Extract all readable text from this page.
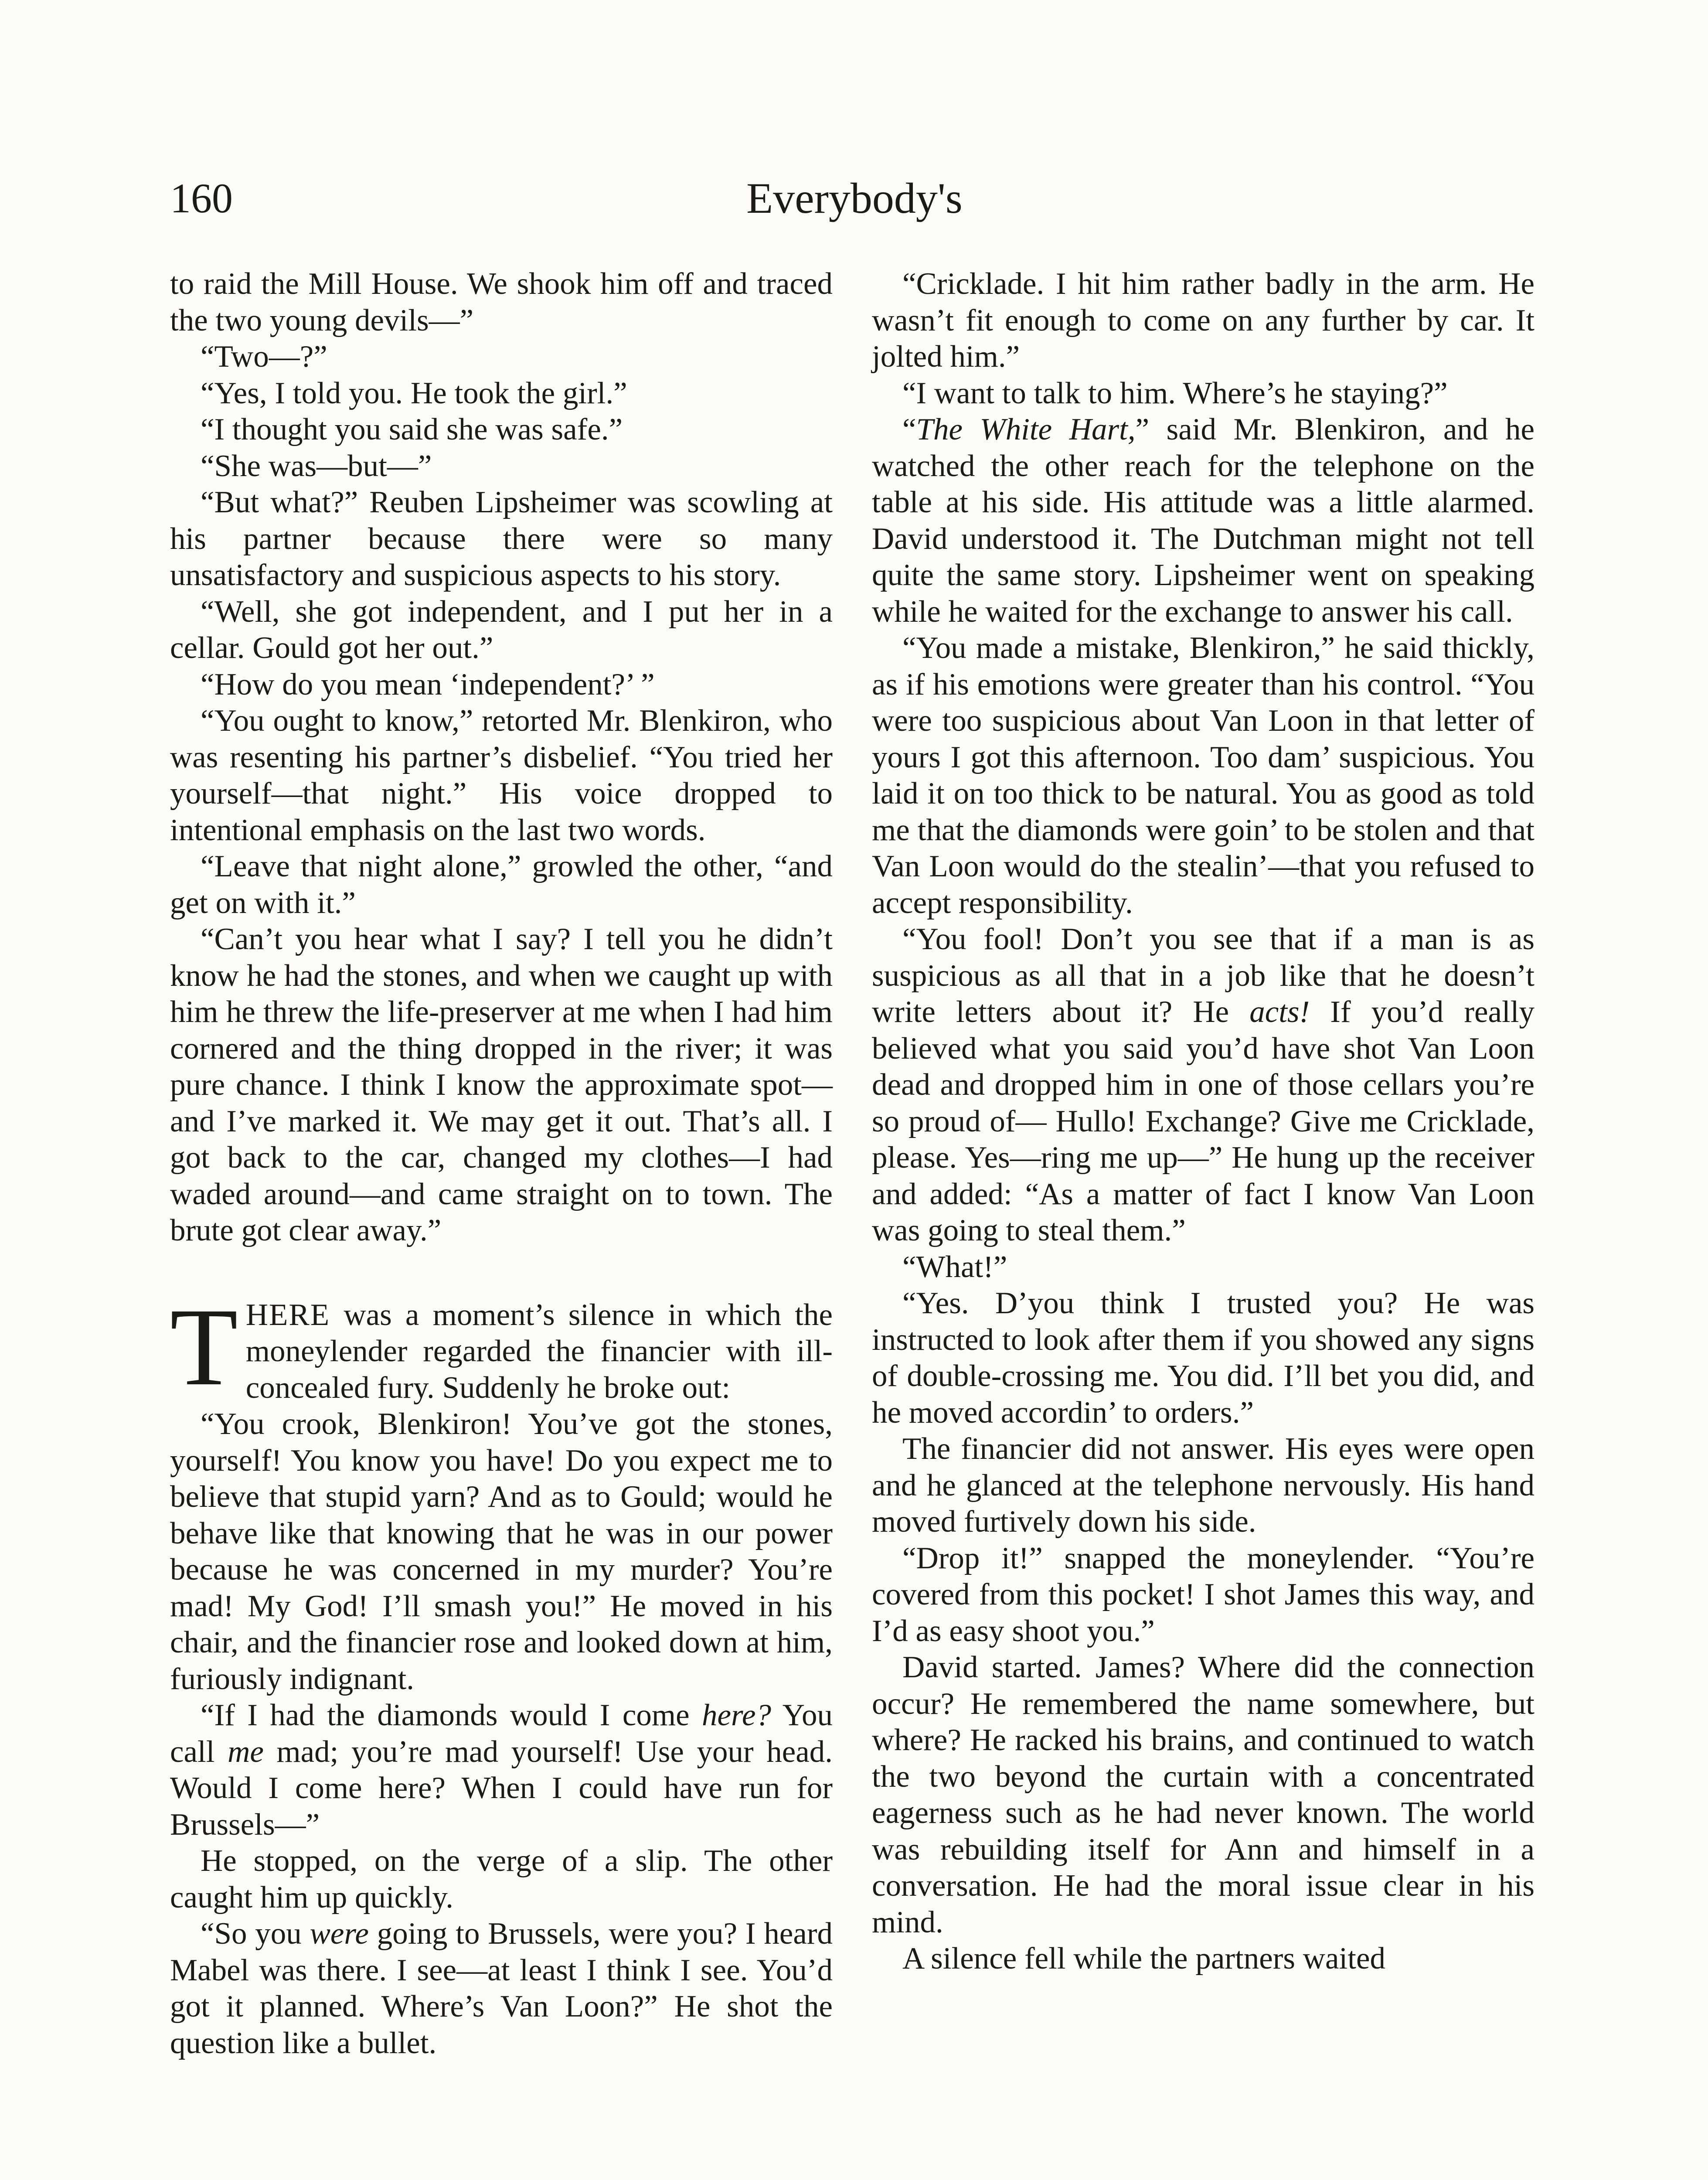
160	Everybody's

to raid the Mill House. We shook him off and traced the two young devils—”

“Two—?”

“Yes, I told you. He took the girl.”

“I thought you said she was safe.”

“She was—but—”

“But what?” Reuben Lipsheimer was scowling at his partner because there were so many unsatisfactory and suspicious aspects to his story.

“Well, she got independent, and I put her in a cellar. Gould got her out.”

“How do you mean ‘independent?’ ”

“You ought to know,” retorted Mr. Blenkiron, who was resenting his partner’s disbelief. “You tried her yourself—that night.” His voice dropped to intentional emphasis on the last two words.

“Leave that night alone,” growled the other, “and get on with it.”

“Can’t you hear what I say? I tell you he didn’t know he had the stones, and when we caught up with him he threw the life-preserver at me when I had him cornered and the thing dropped in the river; it was pure chance. I think I know the approximate spot—and I’ve marked it. We may get it out. That’s all. I got back to the car, changed my clothes—I had waded around—and came straight on to town. The brute got clear away.”

THERE was a moment’s silence in which the moneylender regarded the financier with ill-concealed fury. Suddenly he broke out:

“You crook, Blenkiron! You’ve got the stones, yourself! You know you have! Do you expect me to believe that stupid yarn? And as to Gould; would he behave like that knowing that he was in our power because he was concerned in my murder? You’re mad! My God! I’ll smash you!” He moved in his chair, and the financier rose and looked down at him, furiously indignant.

“If I had the diamonds would I come here? You call me mad; you’re mad yourself! Use your head. Would I come here? When I could have run for Brussels—”

He stopped, on the verge of a slip. The other caught him up quickly.

“So you were going to Brussels, were you? I heard Mabel was there. I see—at least I think I see. You’d got it planned. Where’s Van Loon?” He shot the question like a bullet.

“Cricklade. I hit him rather badly in the arm. He wasn’t fit enough to come on any further by car. It jolted him.”

“I want to talk to him. Where’s he staying?”

“The White Hart,” said Mr. Blenkiron, and he watched the other reach for the telephone on the table at his side. His attitude was a little alarmed. David understood it. The Dutchman might not tell quite the same story. Lipsheimer went on speaking while he waited for the exchange to answer his call.

“You made a mistake, Blenkiron,” he said thickly, as if his emotions were greater than his control. “You were too suspicious about Van Loon in that letter of yours I got this afternoon. Too dam’ suspicious. You laid it on too thick to be natural. You as good as told me that the diamonds were goin’ to be stolen and that Van Loon would do the stealin’—that you refused to accept responsibility.

“You fool! Don’t you see that if a man is as suspicious as all that in a job like that he doesn’t write letters about it? He acts! If you’d really believed what you said you’d have shot Van Loon dead and dropped him in one of those cellars you’re so proud of— Hullo! Exchange? Give me Cricklade, please. Yes—ring me up—” He hung up the receiver and added: “As a matter of fact I know Van Loon was going to steal them.”

“What!”

“Yes. D’you think I trusted you? He was instructed to look after them if you showed any signs of double-crossing me. You did. I’ll bet you did, and he moved accordin’ to orders.”

The financier did not answer. His eyes were open and he glanced at the telephone nervously. His hand moved furtively down his side.

“Drop it!” snapped the moneylender. “You’re covered from this pocket! I shot James this way, and I’d as easy shoot you.”

David started. James? Where did the connection occur? He remembered the name somewhere, but where? He racked his brains, and continued to watch the two beyond the curtain with a concentrated eagerness such as he had never known. The world was rebuilding itself for Ann and himself in a conversation. He had the moral issue clear in his mind.

A silence fell while the partners waited
